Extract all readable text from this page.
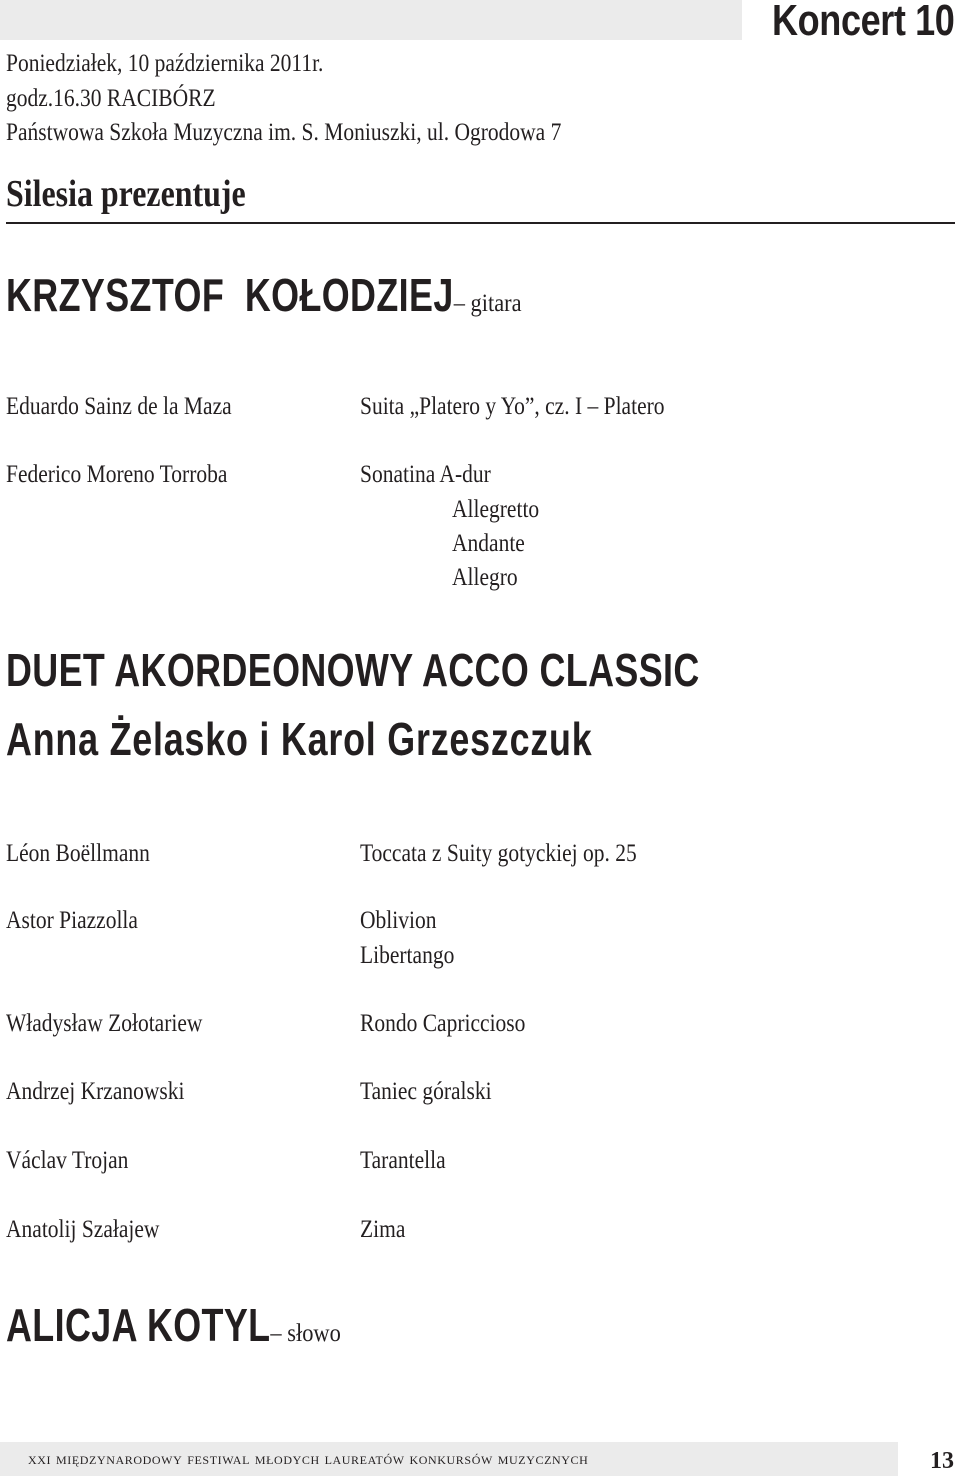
Koncert 10
Poniedziałek, 10 października 2011r.
godz.16.30 RACIBÓRZ
Państwowa Szkoła Muzyczna im. S. Moniuszki, ul. Ogrodowa 7
Silesia prezentuje
KRZYSZTOF  KOŁODZIEJ– gitara
Eduardo Sainz de la Maza	Suita „Platero y Yo”, cz. I – Platero
Federico Moreno Torroba	Sonatina A-dur
Allegretto
Andante
Allegro
DUET AKORDEONOWY ACCO CLASSIC
Anna Żelasko i Karol Grzeszczuk
Léon Boëllmann	Toccata z Suity gotyckiej op. 25
Astor Piazzolla	Oblivion
Libertango
Władysław Zołotariew	Rondo Capriccioso
Andrzej Krzanowski	Taniec góralski
Václav Trojan	Tarantella
Anatolij Szałajew	Zima
ALICJA KOTYL– słowo
xxi międzynarodowy festiwal młodych laureatów konkursów muzycznych	13
